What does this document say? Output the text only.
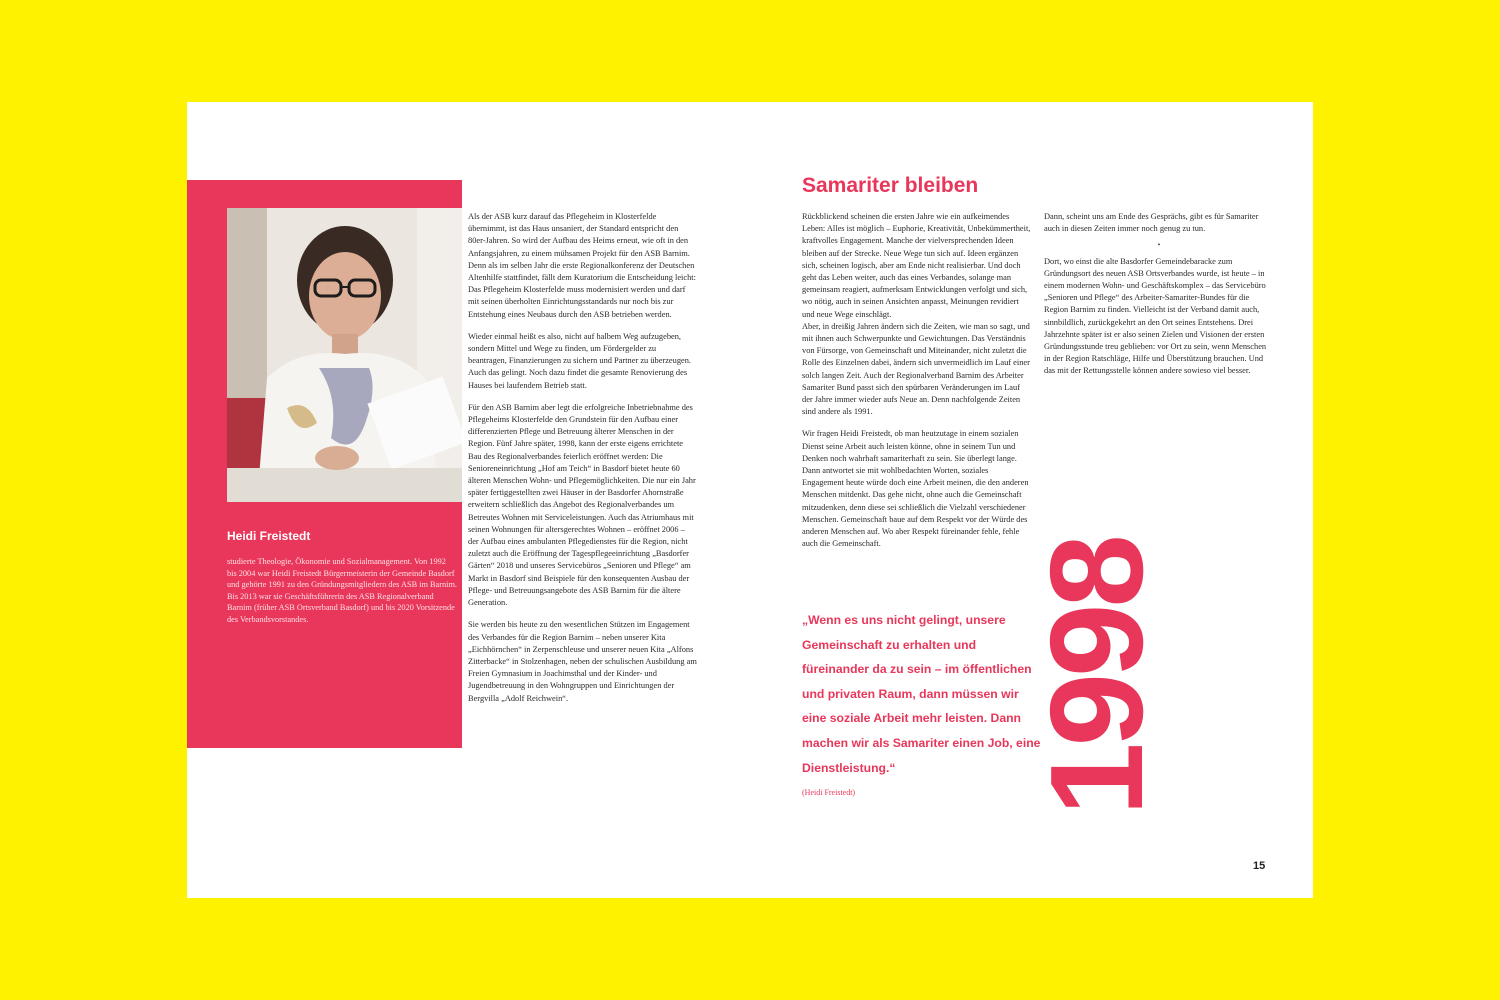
Heidi Freistedt

studierte Theologie, Ökonomie und Sozialmanagement. Von 1992 bis 2004 war Heidi Freistedt Bürgermeisterin der Gemeinde Basdorf und gehörte 1991 zu den Gründungsmitgliedern des ASB im Barnim. Bis 2013 war sie Geschäftsführerin des ASB Regionalverband Barnim (früher ASB Ortsverband Basdorf) und bis 2020 Vorsitzende des Verbandsvorstandes.

Als der ASB kurz darauf das Pflegeheim in Klosterfelde übernimmt, ist das Haus unsaniert, der Standard entspricht den 80er-Jahren. So wird der Aufbau des Heims erneut, wie oft in den Anfangsjahren, zu einem mühsamen Projekt für den ASB Barnim. Denn als im selben Jahr die erste Regionalkonferenz der Deutschen Altenhilfe stattfindet, fällt dem Kuratorium die Entscheidung leicht: Das Pflegeheim Klosterfelde muss modernisiert werden und darf mit seinen überholten Einrichtungsstandards nur noch bis zur Entstehung eines Neubaus durch den ASB betrieben werden.

Wieder einmal heißt es also, nicht auf halbem Weg aufzugeben, sondern Mittel und Wege zu finden, um Fördergelder zu beantragen, Finanzierungen zu sichern und Partner zu überzeugen. Auch das gelingt. Noch dazu findet die gesamte Renovierung des Hauses bei laufendem Betrieb statt.

Für den ASB Barnim aber legt die erfolgreiche Inbetriebnahme des Pflegeheims Klosterfelde den Grundstein für den Aufbau einer differenzierten Pflege und Betreuung älterer Menschen in der Region. Fünf Jahre später, 1998, kann der erste eigens errichtete Bau des Regionalverbandes feierlich eröffnet werden: Die Senioreneinrichtung „Hof am Teich“ in Basdorf bietet heute 60 älteren Menschen Wohn- und Pflegemöglichkeiten. Die nur ein Jahr später fertiggestellten zwei Häuser in der Basdorfer Ahornstraße erweitern schließlich das Angebot des Regionalverbandes um Betreutes Wohnen mit Serviceleistungen. Auch das Atriumhaus mit seinen Wohnungen für altersgerechtes Wohnen – eröffnet 2006 – der Aufbau eines ambulanten Pflegedienstes für die Region, nicht zuletzt auch die Eröffnung der Tagespflegeeinrichtung „Basdorfer Gärten“ 2018 und unseres Servicebüros „Senioren und Pflege“ am Markt in Basdorf sind Beispiele für den konsequenten Ausbau der Pflege- und Betreuungsangebote des ASB Barnim für die ältere Generation.

Sie werden bis heute zu den wesentlichen Stützen im Engagement des Verbandes für die Region Barnim – neben unserer Kita „Eichhörnchen“ in Zerpenschleuse und unserer neuen Kita „Alfons Zitterbacke“ in Stolzenhagen, neben der schulischen Ausbildung am Freien Gymnasium in Joachimsthal und der Kinder- und Jugendbetreuung in den Wohngruppen und Einrichtungen der Bergvilla „Adolf Reichwein“.

Samariter bleiben

Rückblickend scheinen die ersten Jahre wie ein aufkeimendes Leben: Alles ist möglich – Euphorie, Kreativität, Unbekümmertheit, kraftvolles Engagement. Manche der vielversprechenden Ideen bleiben auf der Strecke. Neue Wege tun sich auf. Ideen ergänzen sich, scheinen logisch, aber am Ende nicht realisierbar. Und doch geht das Leben weiter, auch das eines Verbandes, solange man gemeinsam reagiert, aufmerksam Entwicklungen verfolgt und sich, wo nötig, auch in seinen Ansichten anpasst, Meinungen revidiert und neue Wege einschlägt.
Aber, in dreißig Jahren ändern sich die Zeiten, wie man so sagt, und mit ihnen auch Schwerpunkte und Gewichtungen. Das Verständnis von Fürsorge, von Gemeinschaft und Miteinander, nicht zuletzt die Rolle des Einzelnen dabei, ändern sich unvermeidlich im Lauf einer solch langen Zeit. Auch der Regionalverband Barnim des Arbeiter Samariter Bund passt sich den spürbaren Veränderungen im Lauf der Jahre immer wieder aufs Neue an. Denn nachfolgende Zeiten sind andere als 1991.

Wir fragen Heidi Freistedt, ob man heutzutage in einem sozialen Dienst seine Arbeit auch leisten könne, ohne in seinem Tun und Denken noch wahrhaft samariterhaft zu sein. Sie überlegt lange. Dann antwortet sie mit wohlbedachten Worten, soziales Engagement heute würde doch eine Arbeit meinen, die den anderen Menschen mitdenkt. Das gehe nicht, ohne auch die Gemeinschaft mitzudenken, denn diese sei schließlich die Vielzahl verschiedener Menschen. Gemeinschaft baue auf dem Respekt vor der Würde des anderen Menschen auf. Wo aber Respekt füreinander fehle, fehle auch die Gemeinschaft.

Dann, scheint uns am Ende des Gesprächs, gibt es für Samariter auch in diesen Zeiten immer noch genug zu tun.

•

Dort, wo einst die alte Basdorfer Gemeindebaracke zum Gründungsort des neuen ASB Ortsverbandes wurde, ist heute – in einem modernen Wohn- und Geschäftskomplex – das Servicebüro „Senioren und Pflege“ des Arbeiter-Samariter-Bundes für die Region Barnim zu finden. Vielleicht ist der Verband damit auch, sinnbildlich, zurückgekehrt an den Ort seines Entstehens. Drei Jahrzehnte später ist er also seinen Zielen und Visionen der ersten Gründungsstunde treu geblieben: vor Ort zu sein, wenn Menschen in der Region Ratschläge, Hilfe und Überstützung brauchen. Und das mit der Rettungsstelle können andere sowieso viel besser.

„Wenn es uns nicht gelingt, unsere Gemeinschaft zu erhalten und füreinander da zu sein – im öffentlichen und privaten Raum, dann müssen wir eine soziale Arbeit mehr leisten. Dann machen wir als Samariter einen Job, eine Dienstleistung.“

(Heidi Freistedt) 1998

15
